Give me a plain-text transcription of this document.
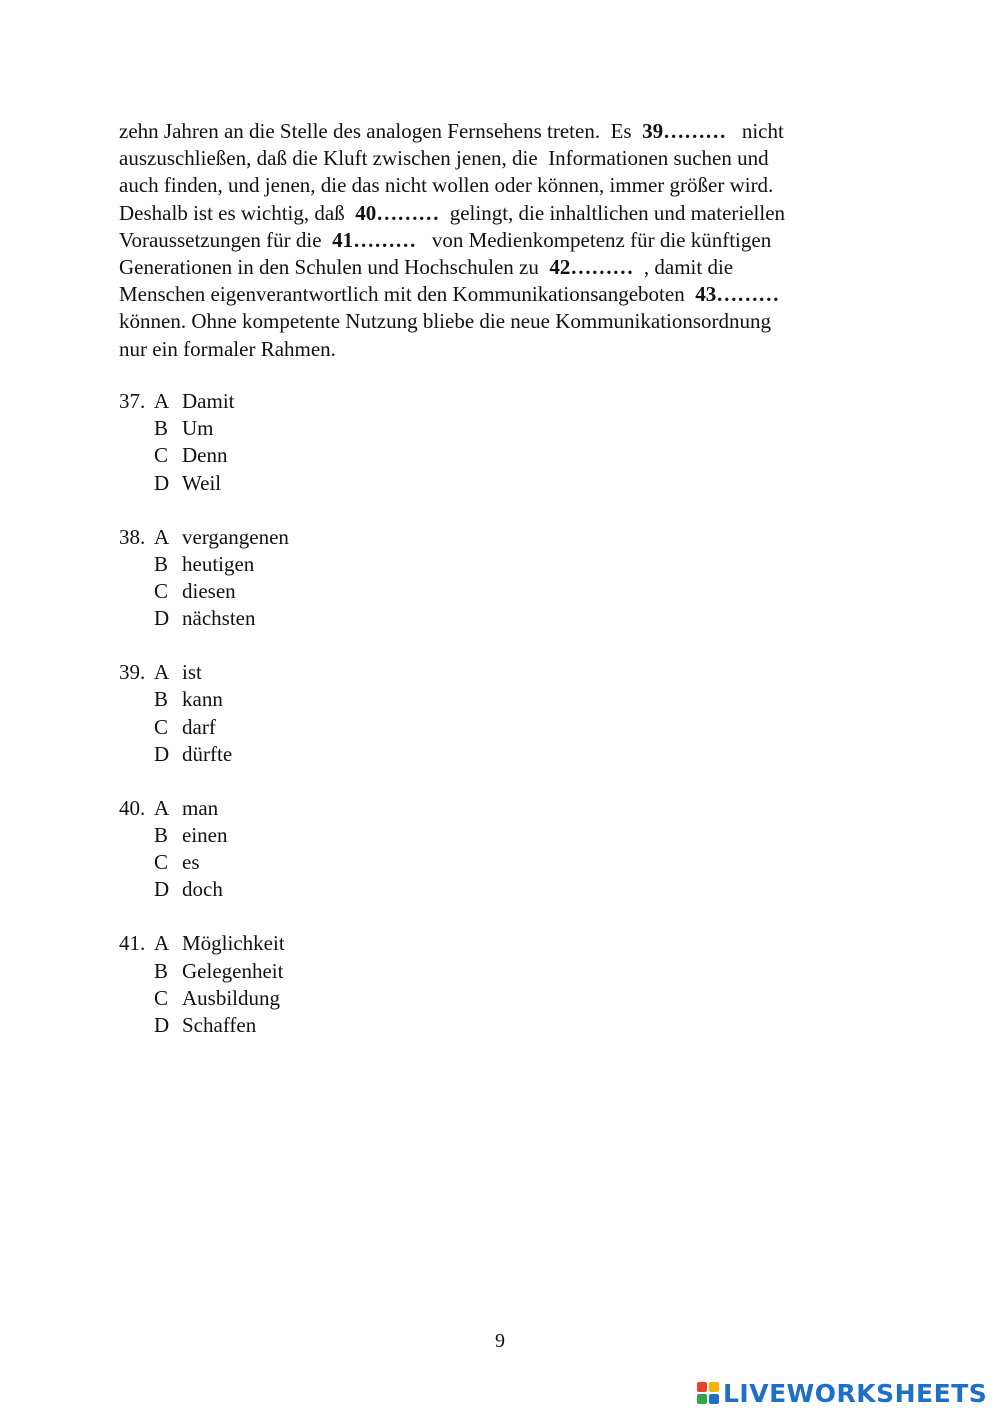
zehn Jahren an die Stelle des analogen Fernsehens treten.  Es  39………   nicht
auszuschließen, daß die Kluft zwischen jenen, die  Informationen suchen und
auch finden, und jenen, die das nicht wollen oder können, immer größer wird.
Deshalb ist es wichtig, daß  40………  gelingt, die inhaltlichen und materiellen
Voraussetzungen für die  41………   von Medienkompetenz für die künftigen
Generationen in den Schulen und Hochschulen zu  42………  , damit die
Menschen eigenverantwortlich mit den Kommunikationsangeboten  43………
können. Ohne kompetente Nutzung bliebe die neue Kommunikationsordnung
nur ein formaler Rahmen.
37. A Damit
B Um
C Denn
D Weil
38. A vergangenen
B heutigen
C diesen
D nächsten
39. A ist
B kann
C darf
D dürfte
40. A man
B einen
C es
D doch
41. A Möglichkeit
B Gelegenheit
C Ausbildung
D Schaffen
9
LIVEWORKSHEETS
